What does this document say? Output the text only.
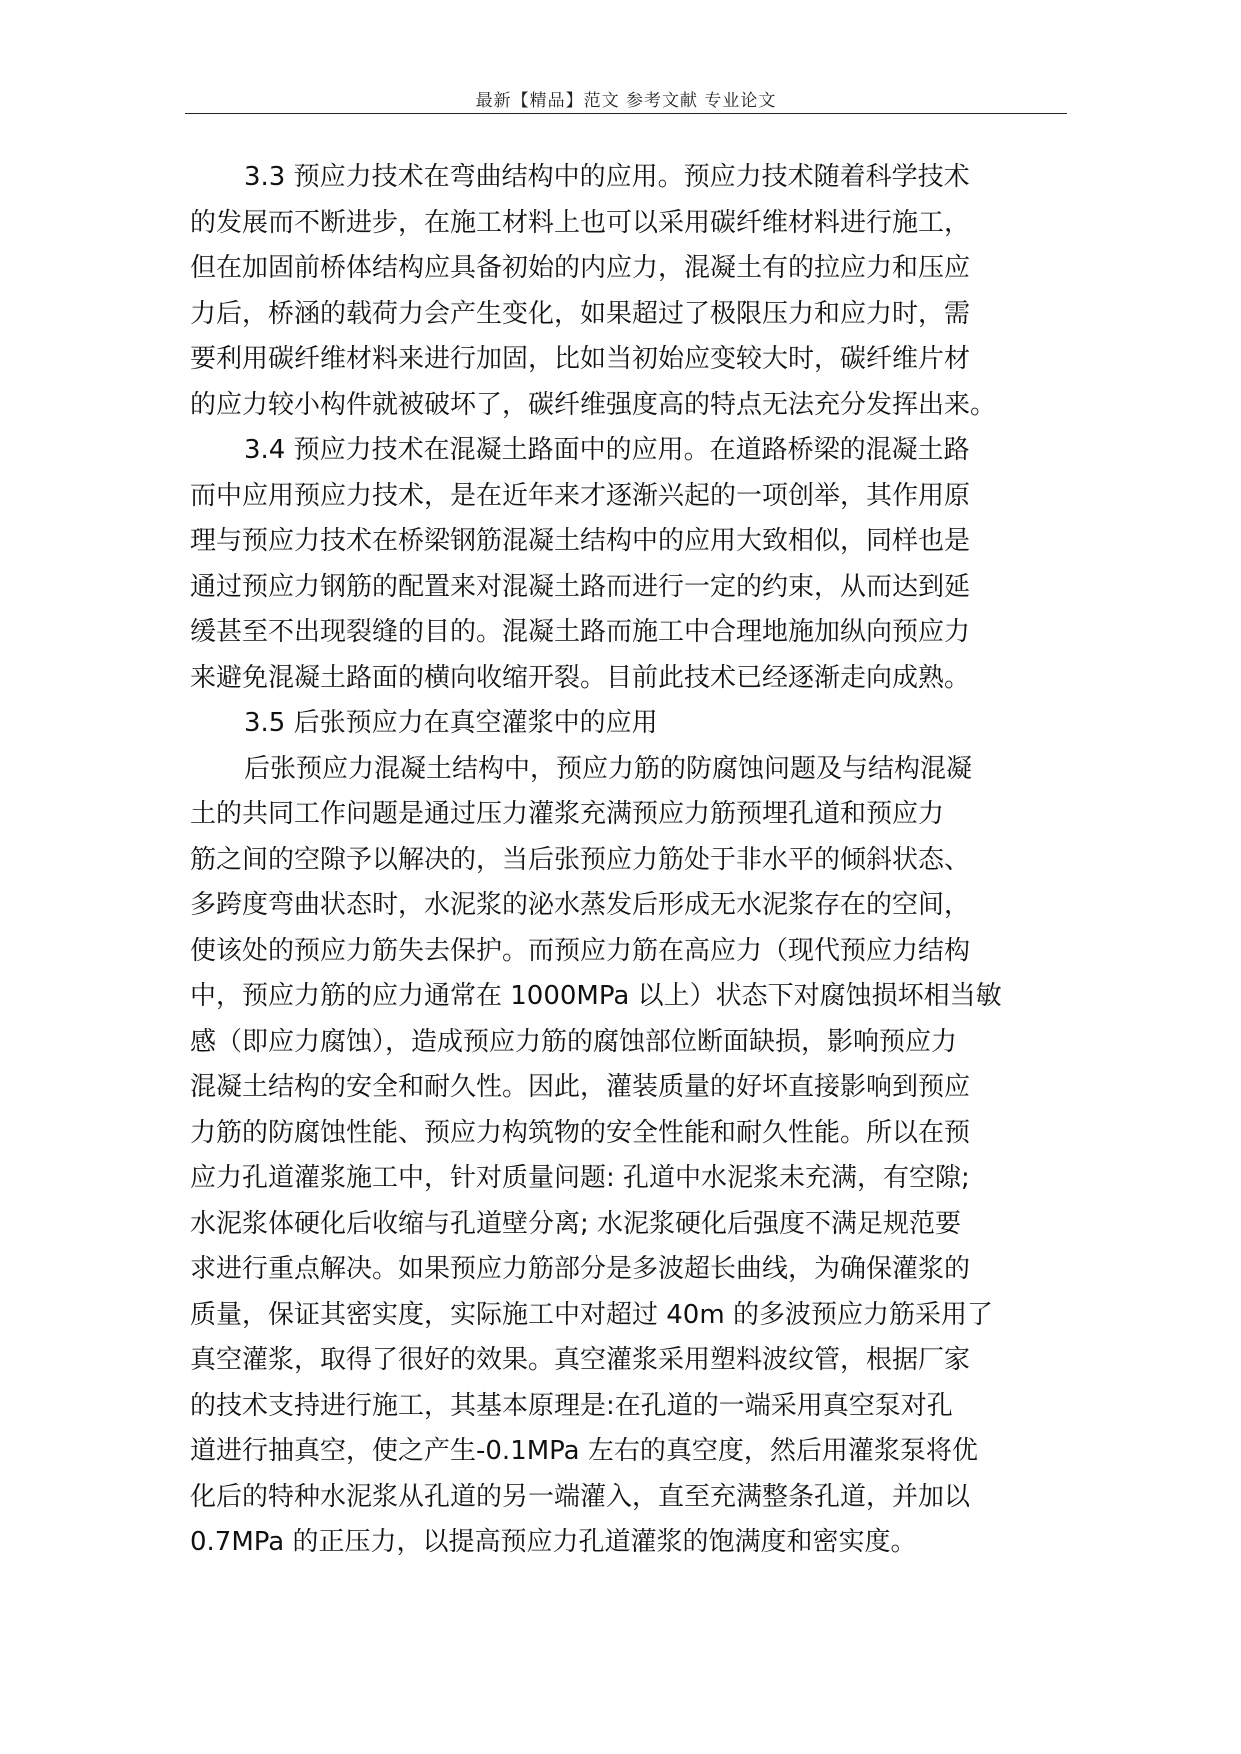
最新【精品】范文 参考文献 专业论文
3.3 预应力技术在弯曲结构中的应用。预应力技术随着科学技术
的发展而不断进步，在施工材料上也可以采用碳纤维材料进行施工，
但在加固前桥体结构应具备初始的内应力，混凝土有的拉应力和压应
力后，桥涵的载荷力会产生变化，如果超过了极限压力和应力时，需
要利用碳纤维材料来进行加固，比如当初始应变较大时，碳纤维片材
的应力较小构件就被破坏了，碳纤维强度高的特点无法充分发挥出来。
3.4 预应力技术在混凝土路面中的应用。在道路桥梁的混凝土路
而中应用预应力技术，是在近年来才逐渐兴起的一项创举，其作用原
理与预应力技术在桥梁钢筋混凝土结构中的应用大致相似，同样也是
通过预应力钢筋的配置来对混凝土路而进行一定的约束，从而达到延
缓甚至不出现裂缝的目的。混凝土路而施工中合理地施加纵向预应力
来避免混凝土路面的横向收缩开裂。目前此技术已经逐渐走向成熟。
3.5 后张预应力在真空灌浆中的应用
后张预应力混凝土结构中，预应力筋的防腐蚀问题及与结构混凝
土的共同工作问题是通过压力灌浆充满预应力筋预埋孔道和预应力
筋之间的空隙予以解决的，当后张预应力筋处于非水平的倾斜状态、
多跨度弯曲状态时，水泥浆的泌水蒸发后形成无水泥浆存在的空间，
使该处的预应力筋失去保护。而预应力筋在高应力（现代预应力结构
中，预应力筋的应力通常在 1000MPa 以上）状态下对腐蚀损坏相当敏
感（即应力腐蚀），造成预应力筋的腐蚀部位断面缺损，影响预应力
混凝土结构的安全和耐久性。因此，灌装质量的好坏直接影响到预应
力筋的防腐蚀性能、预应力构筑物的安全性能和耐久性能。所以在预
应力孔道灌浆施工中，针对质量问题: 孔道中水泥浆未充满，有空隙;
水泥浆体硬化后收缩与孔道壁分离; 水泥浆硬化后强度不满足规范要
求进行重点解决。如果预应力筋部分是多波超长曲线，为确保灌浆的
质量，保证其密实度，实际施工中对超过 40m 的多波预应力筋采用了
真空灌浆，取得了很好的效果。真空灌浆采用塑料波纹管，根据厂家
的技术支持进行施工，其基本原理是:在孔道的一端采用真空泵对孔
道进行抽真空，使之产生-0.1MPa 左右的真空度，然后用灌浆泵将优
化后的特种水泥浆从孔道的另一端灌入，直至充满整条孔道，并加以
0.7MPa 的正压力，以提高预应力孔道灌浆的饱满度和密实度。
